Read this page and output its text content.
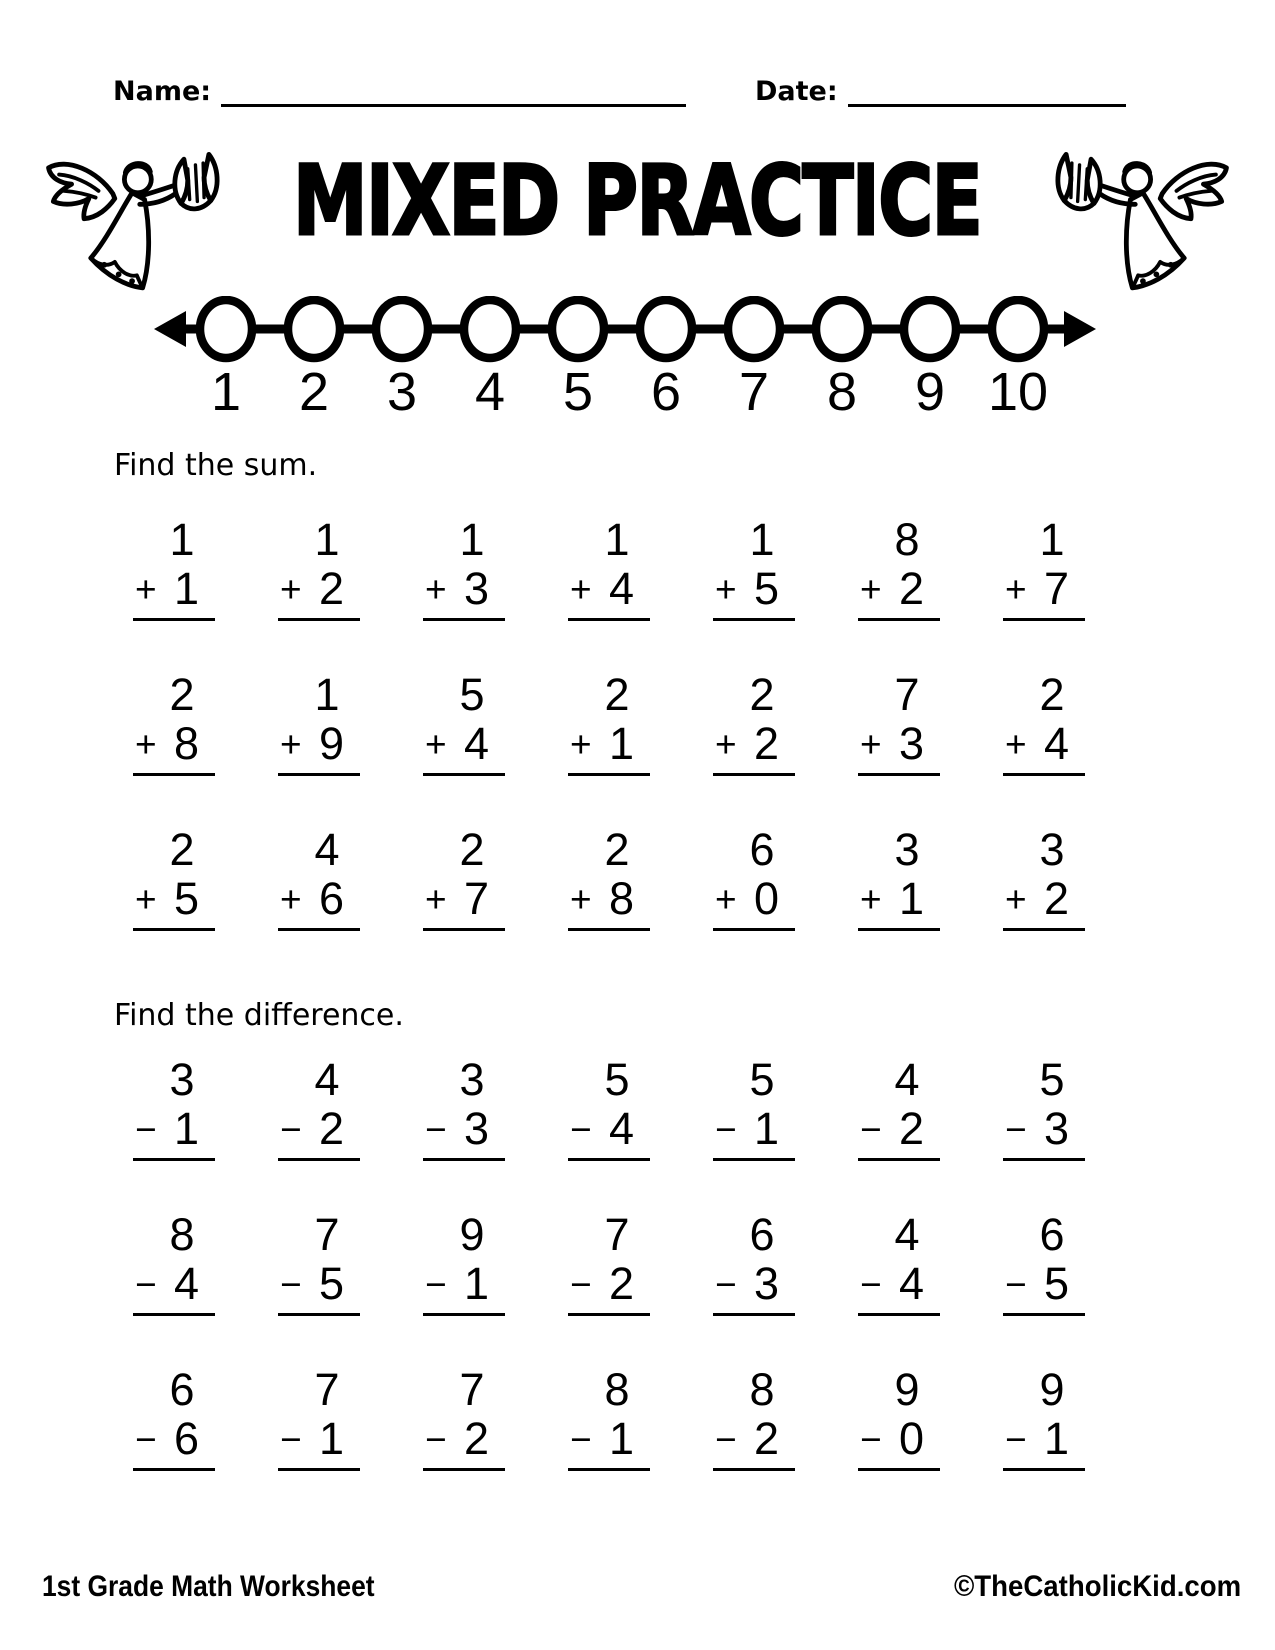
Name:	Date:
MIXED PRACTICE
1 2 3 4 5 6 7 8 9 10
Find the sum.
1
+ 1
1
+ 2
1
+ 3
1
+ 4
1
+ 5
8
+ 2
1
+ 7
2
+ 8
1
+ 9
5
+ 4
2
+ 1
2
+ 2
7
+ 3
2
+ 4
2
+ 5
4
+ 6
2
+ 7
2
+ 8
6
+ 0
3
+ 1
3
+ 2
Find the difference.
3
− 1
4
− 2
3
− 3
5
− 4
5
− 1
4
− 2
5
− 3
8
− 4
7
− 5
9
− 1
7
− 2
6
− 3
4
− 4
6
− 5
6
− 6
7
− 1
7
− 2
8
− 1
8
− 2
9
− 0
9
− 1
1st Grade Math Worksheet	©TheCatholicKid.com
